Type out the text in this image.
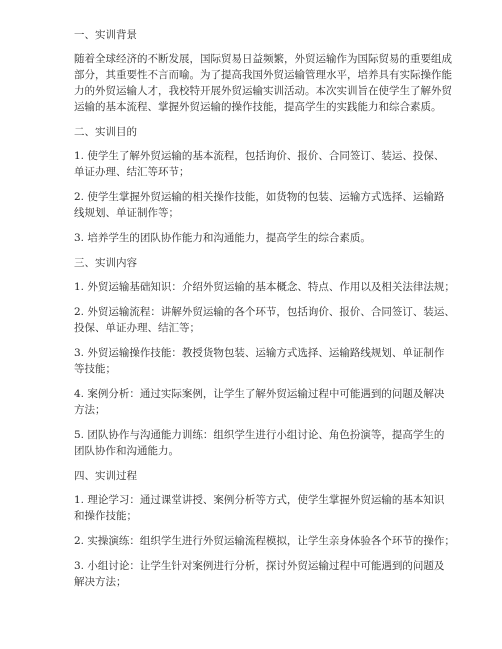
一、实训背景
随着全球经济的不断发展，国际贸易日益频繁，外贸运输作为国际贸易的重要组成
部分，其重要性不言而喻。为了提高我国外贸运输管理水平，培养具有实际操作能
力的外贸运输人才，我校特开展外贸运输实训活动。本次实训旨在使学生了解外贸
运输的基本流程、掌握外贸运输的操作技能，提高学生的实践能力和综合素质。
二、实训目的
1. 使学生了解外贸运输的基本流程，包括询价、报价、合同签订、装运、投保、
单证办理、结汇等环节；
2. 使学生掌握外贸运输的相关操作技能，如货物的包装、运输方式选择、运输路
线规划、单证制作等；
3. 培养学生的团队协作能力和沟通能力，提高学生的综合素质。
三、实训内容
1. 外贸运输基础知识：介绍外贸运输的基本概念、特点、作用以及相关法律法规；
2. 外贸运输流程：讲解外贸运输的各个环节，包括询价、报价、合同签订、装运、
投保、单证办理、结汇等；
3. 外贸运输操作技能：教授货物包装、运输方式选择、运输路线规划、单证制作
等技能；
4. 案例分析：通过实际案例，让学生了解外贸运输过程中可能遇到的问题及解决
方法；
5. 团队协作与沟通能力训练：组织学生进行小组讨论、角色扮演等，提高学生的
团队协作和沟通能力。
四、实训过程
1. 理论学习：通过课堂讲授、案例分析等方式，使学生掌握外贸运输的基本知识
和操作技能；
2. 实操演练：组织学生进行外贸运输流程模拟，让学生亲身体验各个环节的操作；
3. 小组讨论：让学生针对案例进行分析，探讨外贸运输过程中可能遇到的问题及
解决方法；
